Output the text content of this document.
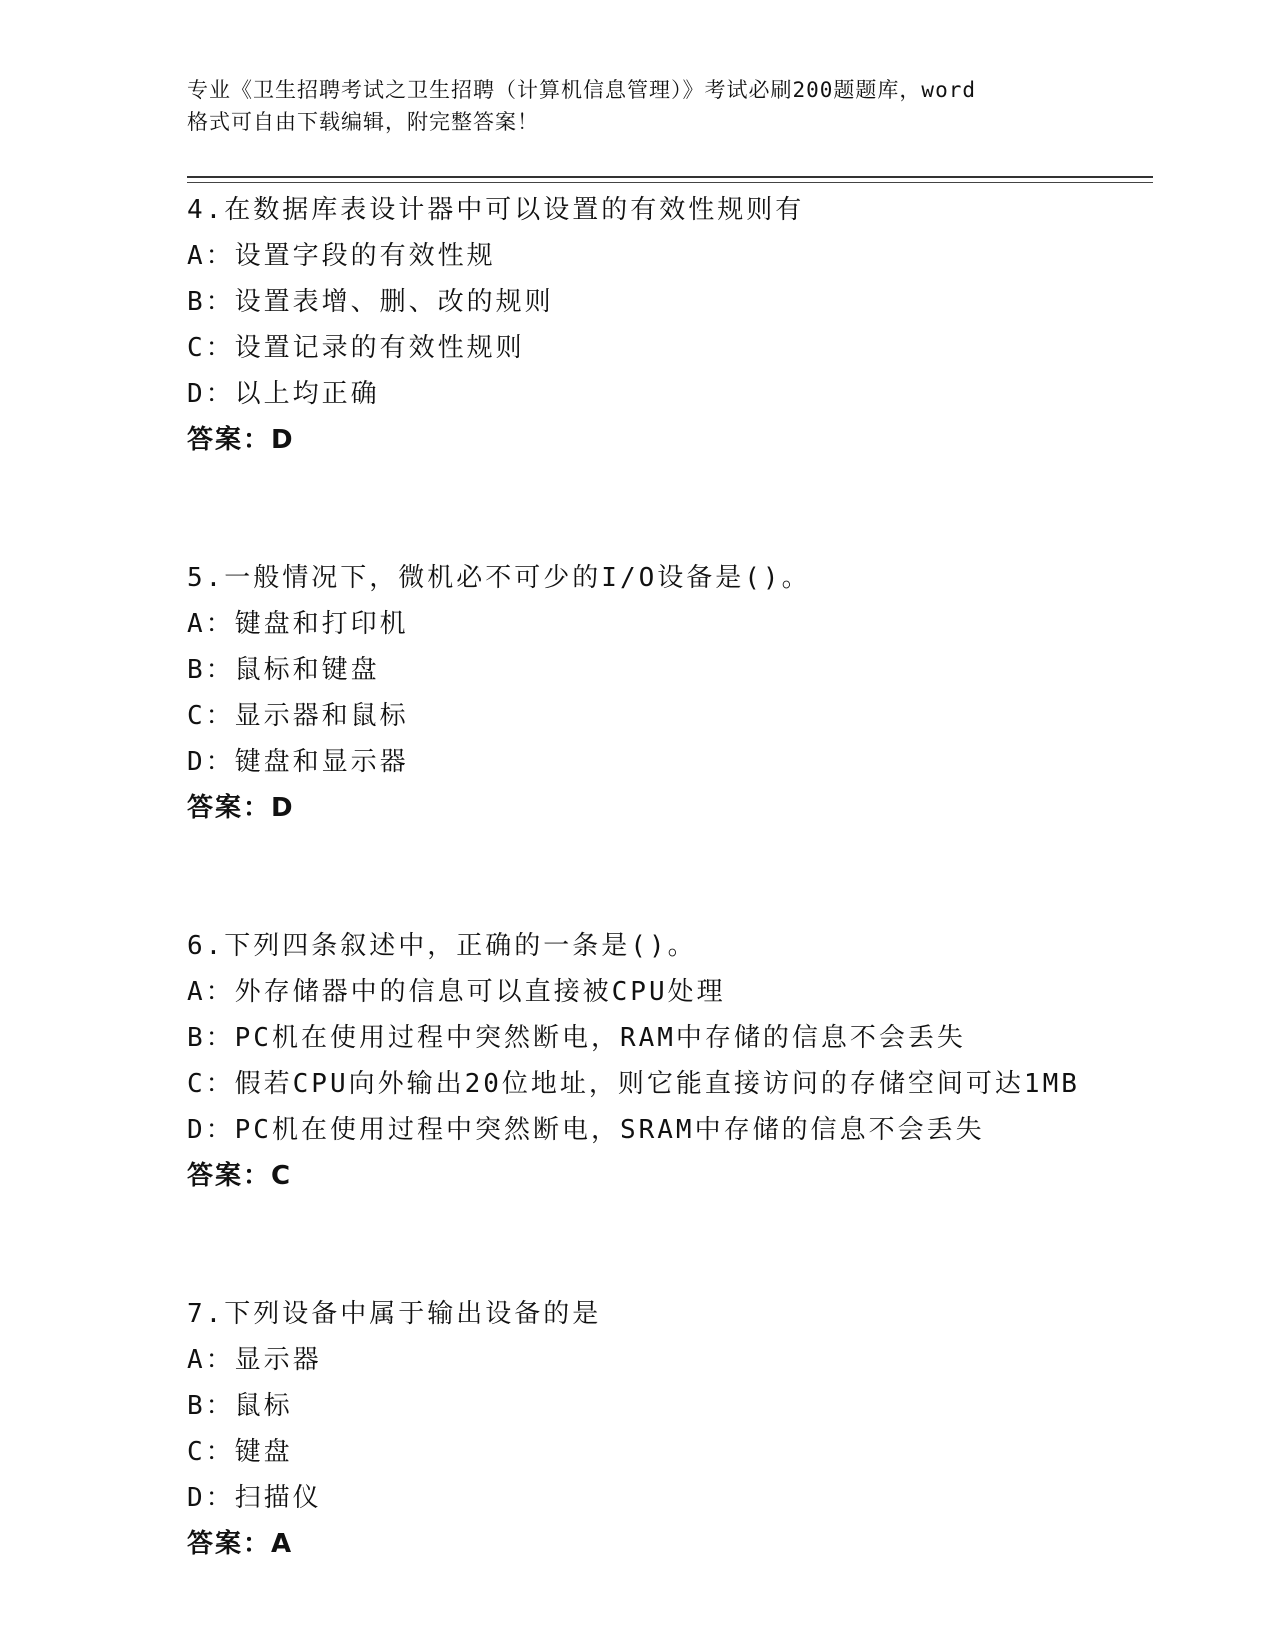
专业《卫生招聘考试之卫生招聘（计算机信息管理）》考试必刷200题题库，word
格式可自由下载编辑，附完整答案！
4.在数据库表设计器中可以设置的有效性规则有
A：设置字段的有效性规
B：设置表增、删、改的规则
C：设置记录的有效性规则
D：以上均正确
答案：D
5.一般情况下，微机必不可少的I/O设备是()。
A：键盘和打印机
B：鼠标和键盘
C：显示器和鼠标
D：键盘和显示器
答案：D
6.下列四条叙述中，正确的一条是()。
A：外存储器中的信息可以直接被CPU处理
B：PC机在使用过程中突然断电，RAM中存储的信息不会丢失
C：假若CPU向外输出20位地址，则它能直接访问的存储空间可达1MB
D：PC机在使用过程中突然断电，SRAM中存储的信息不会丢失
答案：C
7.下列设备中属于输出设备的是
A：显示器
B：鼠标
C：键盘
D：扫描仪
答案：A
